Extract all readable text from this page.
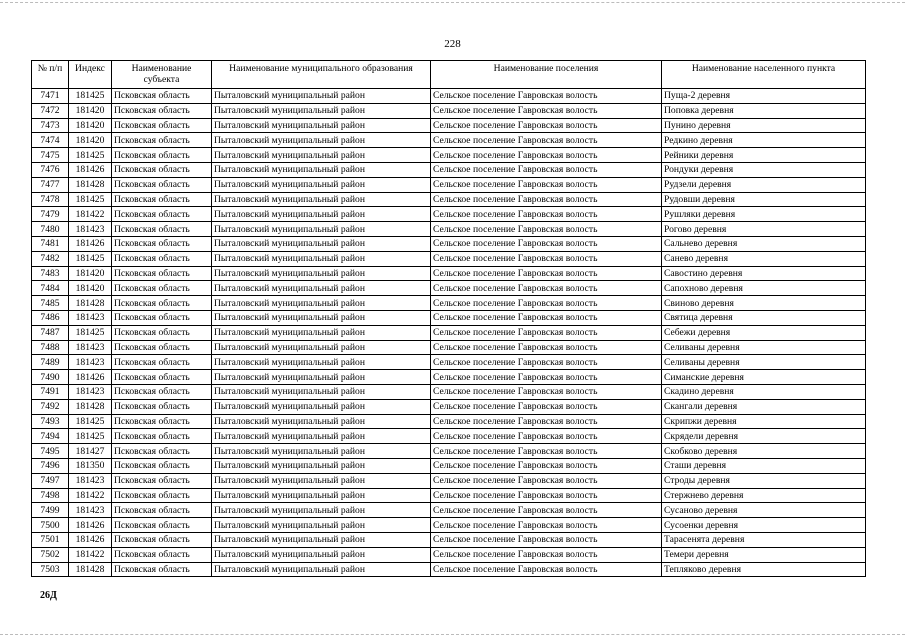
228
№ п/п	Индекс	Наименование субъекта	Наименование муниципального образования	Наименование поселения	Наименование населенного пункта
7471	181425	Псковская область	Пыталовский муниципальный район	Сельское поселение Гавровская волость	Пуща-2 деревня
7472	181420	Псковская область	Пыталовский муниципальный район	Сельское поселение Гавровская волость	Поповка деревня
7473	181420	Псковская область	Пыталовский муниципальный район	Сельское поселение Гавровская волость	Пунино деревня
7474	181420	Псковская область	Пыталовский муниципальный район	Сельское поселение Гавровская волость	Редкино деревня
7475	181425	Псковская область	Пыталовский муниципальный район	Сельское поселение Гавровская волость	Рейники деревня
7476	181426	Псковская область	Пыталовский муниципальный район	Сельское поселение Гавровская волость	Рондуки деревня
7477	181428	Псковская область	Пыталовский муниципальный район	Сельское поселение Гавровская волость	Рудзели деревня
7478	181425	Псковская область	Пыталовский муниципальный район	Сельское поселение Гавровская волость	Рудовши деревня
7479	181422	Псковская область	Пыталовский муниципальный район	Сельское поселение Гавровская волость	Рушляки деревня
7480	181423	Псковская область	Пыталовский муниципальный район	Сельское поселение Гавровская волость	Рогово деревня
7481	181426	Псковская область	Пыталовский муниципальный район	Сельское поселение Гавровская волость	Сальнево деревня
7482	181425	Псковская область	Пыталовский муниципальный район	Сельское поселение Гавровская волость	Санево деревня
7483	181420	Псковская область	Пыталовский муниципальный район	Сельское поселение Гавровская волость	Савостино деревня
7484	181420	Псковская область	Пыталовский муниципальный район	Сельское поселение Гавровская волость	Сапохново деревня
7485	181428	Псковская область	Пыталовский муниципальный район	Сельское поселение Гавровская волость	Свиново деревня
7486	181423	Псковская область	Пыталовский муниципальный район	Сельское поселение Гавровская волость	Святица деревня
7487	181425	Псковская область	Пыталовский муниципальный район	Сельское поселение Гавровская волость	Себежи деревня
7488	181423	Псковская область	Пыталовский муниципальный район	Сельское поселение Гавровская волость	Селиваны деревня
7489	181423	Псковская область	Пыталовский муниципальный район	Сельское поселение Гавровская волость	Селиваны деревня
7490	181426	Псковская область	Пыталовский муниципальный район	Сельское поселение Гавровская волость	Симанские деревня
7491	181423	Псковская область	Пыталовский муниципальный район	Сельское поселение Гавровская волость	Скадино деревня
7492	181428	Псковская область	Пыталовский муниципальный район	Сельское поселение Гавровская волость	Скангали деревня
7493	181425	Псковская область	Пыталовский муниципальный район	Сельское поселение Гавровская волость	Скрипжи деревня
7494	181425	Псковская область	Пыталовский муниципальный район	Сельское поселение Гавровская волость	Скрядели деревня
7495	181427	Псковская область	Пыталовский муниципальный район	Сельское поселение Гавровская волость	Скобково деревня
7496	181350	Псковская область	Пыталовский муниципальный район	Сельское поселение Гавровская волость	Сташи деревня
7497	181423	Псковская область	Пыталовский муниципальный район	Сельское поселение Гавровская волость	Строды деревня
7498	181422	Псковская область	Пыталовский муниципальный район	Сельское поселение Гавровская волость	Стержнево деревня
7499	181423	Псковская область	Пыталовский муниципальный район	Сельское поселение Гавровская волость	Сусаново деревня
7500	181426	Псковская область	Пыталовский муниципальный район	Сельское поселение Гавровская волость	Сусоенки деревня
7501	181426	Псковская область	Пыталовский муниципальный район	Сельское поселение Гавровская волость	Тарасенята деревня
7502	181422	Псковская область	Пыталовский муниципальный район	Сельское поселение Гавровская волость	Темери деревня
7503	181428	Псковская область	Пыталовский муниципальный район	Сельское поселение Гавровская волость	Тепляково деревня
26Д
